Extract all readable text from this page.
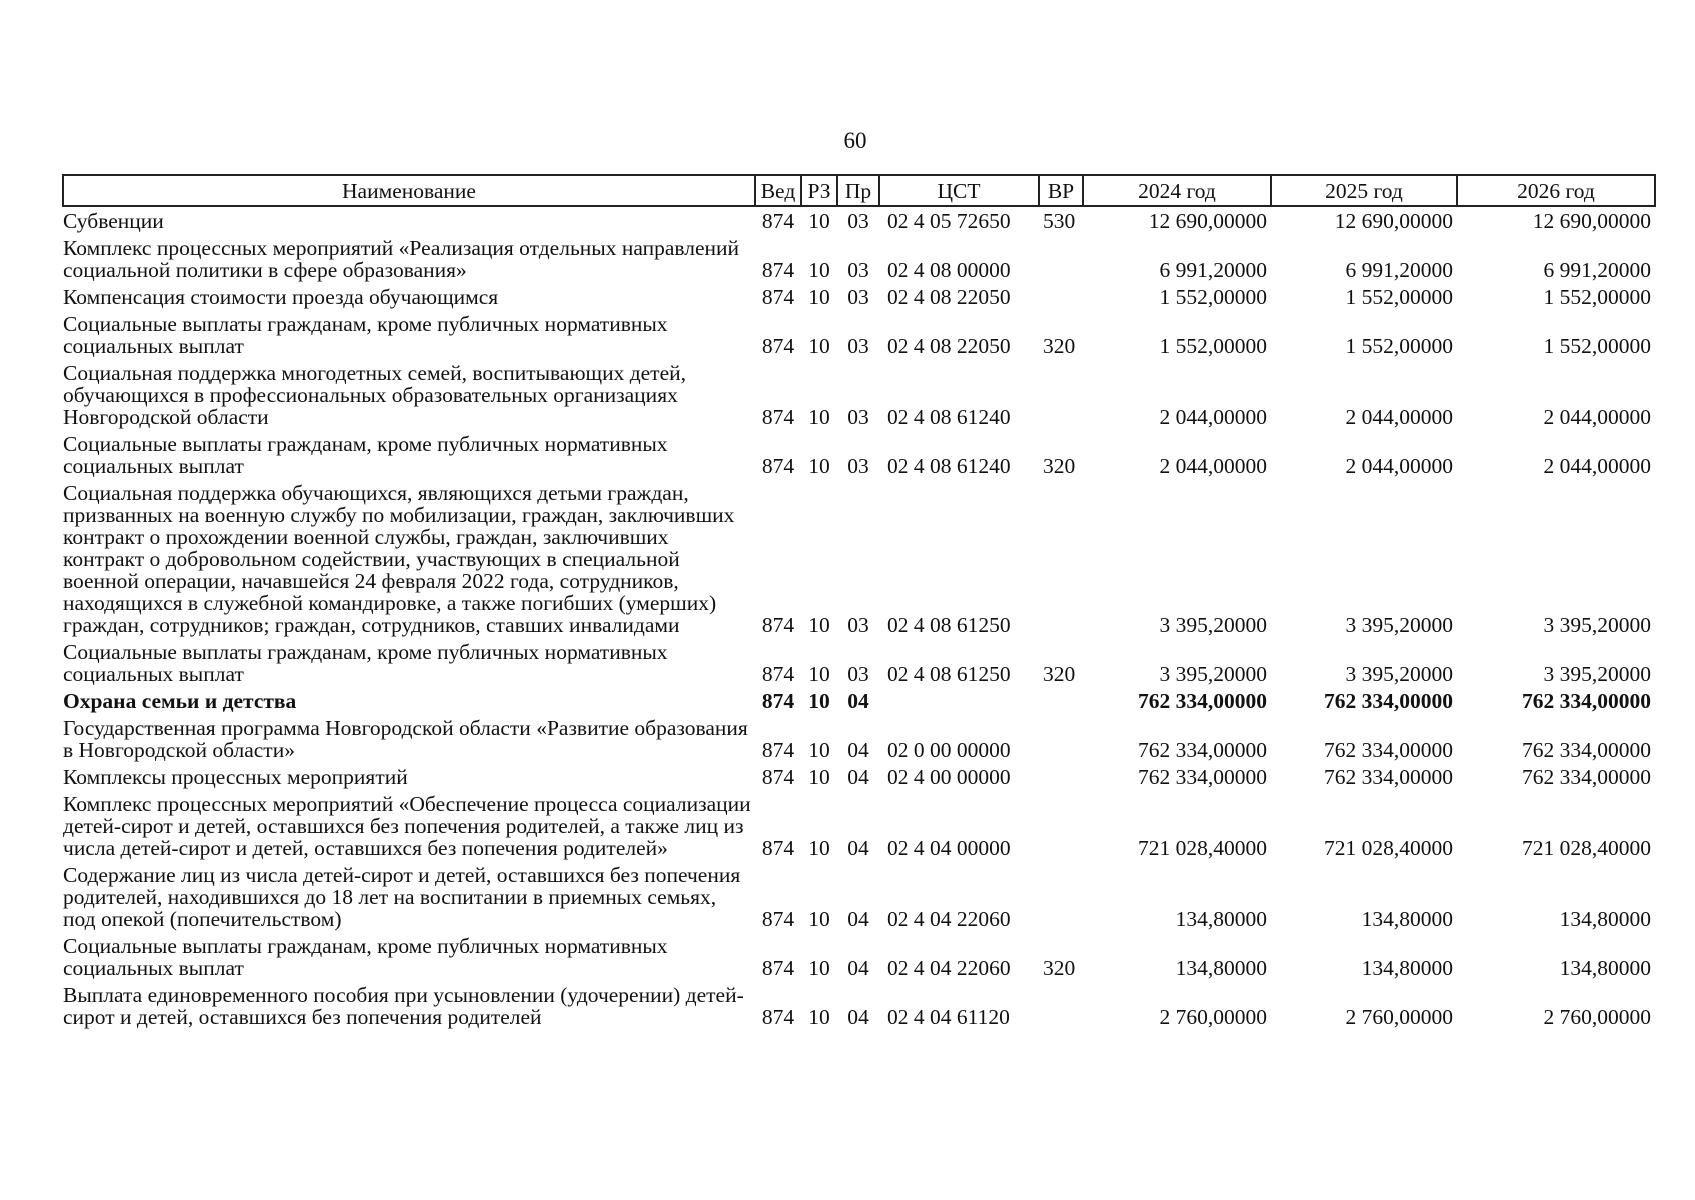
60
Наименование	Вед	РЗ	Пр	ЦСТ	ВР	2024 год	2025 год	2026 год
Субвенции	874	10	03	02 4 05 72650	530	12 690,00000	12 690,00000	12 690,00000
Комплекс процессных мероприятий «Реализация отдельных направлений социальной политики в сфере образования»	874	10	03	02 4 08 00000		6 991,20000	6 991,20000	6 991,20000
Компенсация стоимости проезда обучающимся	874	10	03	02 4 08 22050		1 552,00000	1 552,00000	1 552,00000
Социальные выплаты гражданам, кроме публичных нормативных социальных выплат	874	10	03	02 4 08 22050	320	1 552,00000	1 552,00000	1 552,00000
Социальная поддержка многодетных семей, воспитывающих детей, обучающихся в профессиональных образовательных организациях Новгородской области	874	10	03	02 4 08 61240		2 044,00000	2 044,00000	2 044,00000
Социальные выплаты гражданам, кроме публичных нормативных социальных выплат	874	10	03	02 4 08 61240	320	2 044,00000	2 044,00000	2 044,00000
Социальная поддержка обучающихся, являющихся детьми граждан, призванных на военную службу по мобилизации, граждан, заключивших контракт о прохождении военной службы, граждан, заключивших контракт о добровольном содействии, участвующих в специальной военной операции, начавшейся 24 февраля 2022 года, сотрудников, находящихся в служебной командировке, а также погибших (умерших) граждан, сотрудников; граждан, сотрудников, ставших инвалидами	874	10	03	02 4 08 61250		3 395,20000	3 395,20000	3 395,20000
Социальные выплаты гражданам, кроме публичных нормативных социальных выплат	874	10	03	02 4 08 61250	320	3 395,20000	3 395,20000	3 395,20000
Охрана семьи и детства	874	10	04			762 334,00000	762 334,00000	762 334,00000
Государственная программа Новгородской области «Развитие образования в Новгородской области»	874	10	04	02 0 00 00000		762 334,00000	762 334,00000	762 334,00000
Комплексы процессных мероприятий	874	10	04	02 4 00 00000		762 334,00000	762 334,00000	762 334,00000
Комплекс процессных мероприятий «Обеспечение процесса социализации детей-сирот и детей, оставшихся без попечения родителей, а также лиц из числа детей-сирот и детей, оставшихся без попечения родителей»	874	10	04	02 4 04 00000		721 028,40000	721 028,40000	721 028,40000
Содержание лиц из числа детей-сирот и детей, оставшихся без попечения родителей, находившихся до 18 лет на воспитании в приемных семьях, под опекой (попечительством)	874	10	04	02 4 04 22060		134,80000	134,80000	134,80000
Социальные выплаты гражданам, кроме публичных нормативных социальных выплат	874	10	04	02 4 04 22060	320	134,80000	134,80000	134,80000
Выплата единовременного пособия при усыновлении (удочерении) детей-сирот и детей, оставшихся без попечения родителей	874	10	04	02 4 04 61120		2 760,00000	2 760,00000	2 760,00000
